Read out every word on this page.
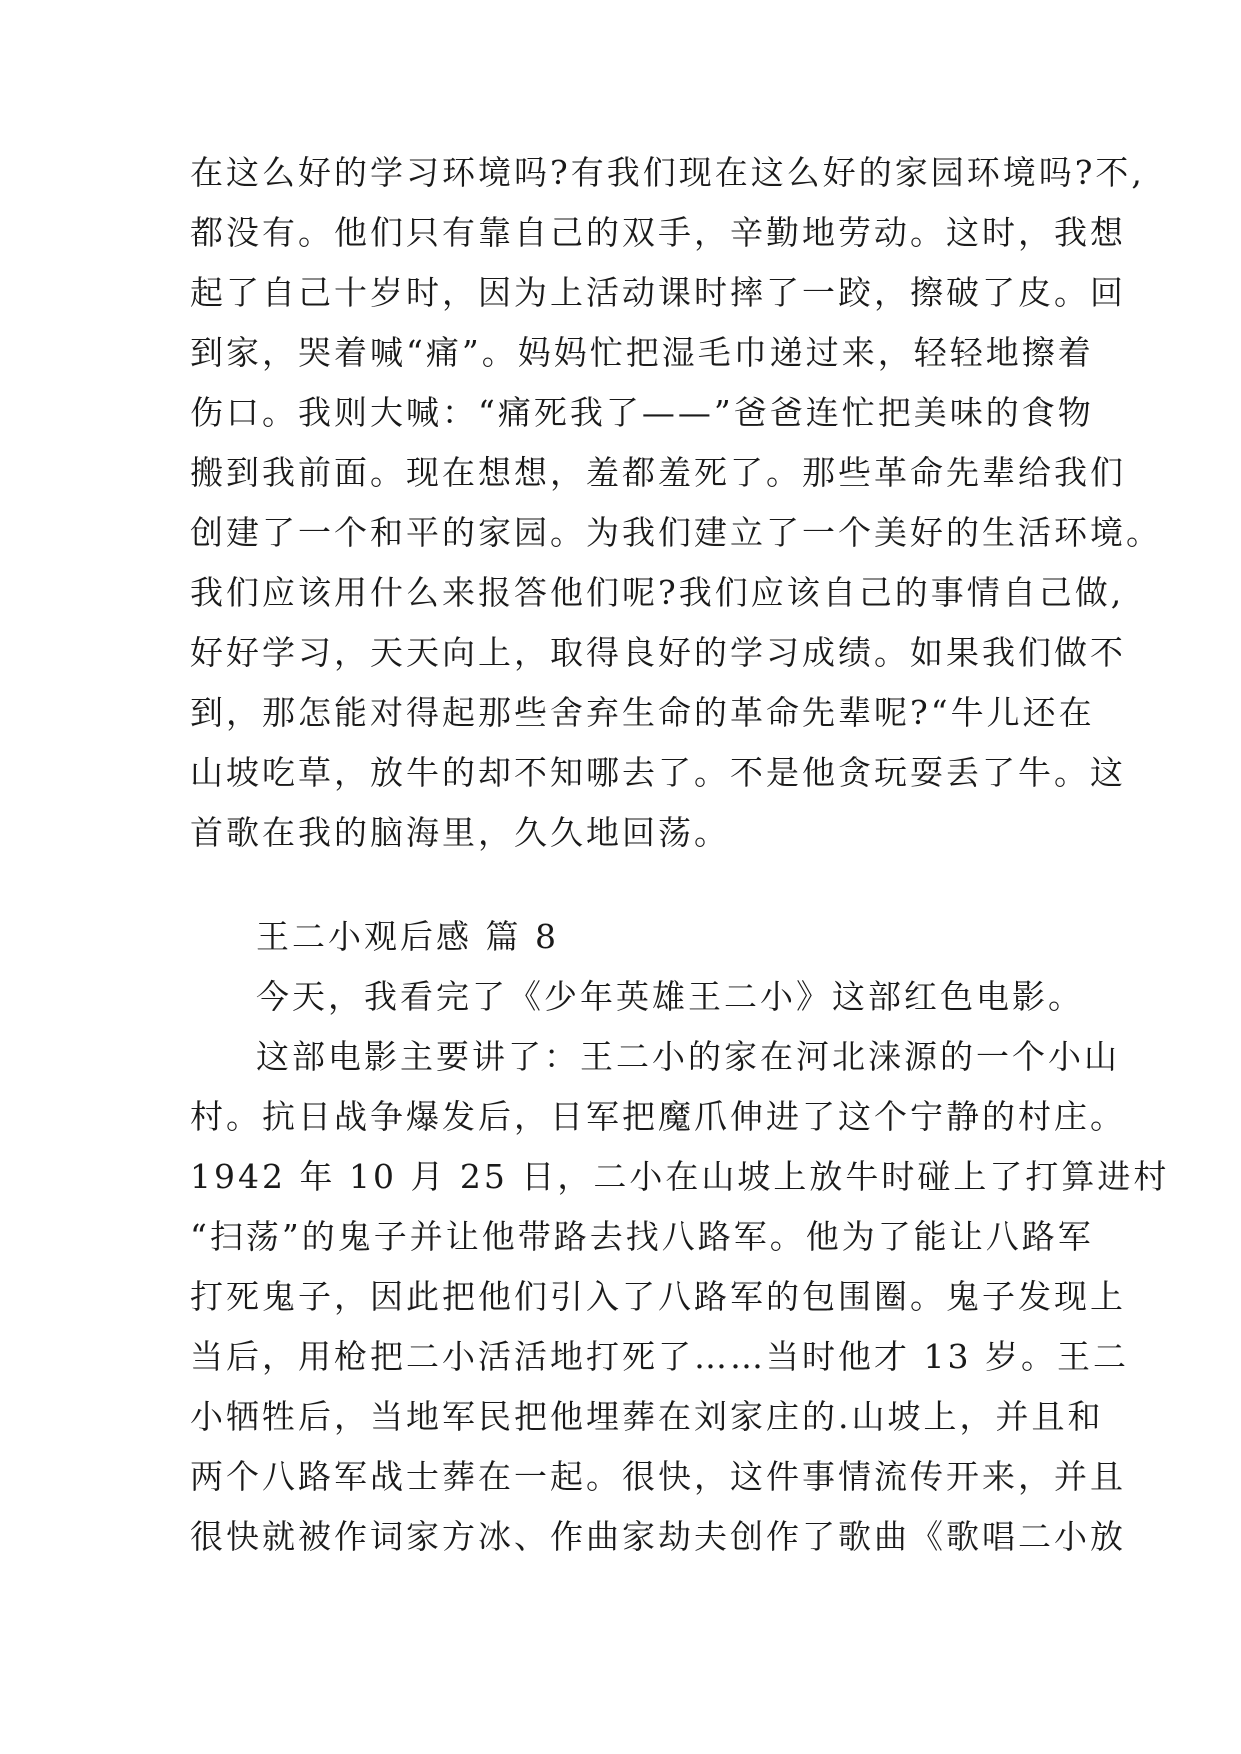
在这么好的学习环境吗?有我们现在这么好的家园环境吗?不,
都没有。他们只有靠自己的双手，辛勤地劳动。这时，我想
起了自己十岁时，因为上活动课时摔了一跤，擦破了皮。回
到家，哭着喊“痛”。妈妈忙把湿毛巾递过来，轻轻地擦着
伤口。我则大喊：“痛死我了——”爸爸连忙把美味的食物
搬到我前面。现在想想，羞都羞死了。那些革命先辈给我们
创建了一个和平的家园。为我们建立了一个美好的生活环境。
我们应该用什么来报答他们呢?我们应该自己的事情自己做,
好好学习，天天向上，取得良好的学习成绩。如果我们做不
到，那怎能对得起那些舍弃生命的革命先辈呢?“牛儿还在
山坡吃草，放牛的却不知哪去了。不是他贪玩耍丢了牛。这
首歌在我的脑海里，久久地回荡。
王二小观后感 篇 8
今天，我看完了《少年英雄王二小》这部红色电影。
这部电影主要讲了：王二小的家在河北涞源的一个小山
村。抗日战争爆发后，日军把魔爪伸进了这个宁静的村庄。
1942 年 10 月 25 日，二小在山坡上放牛时碰上了打算进村
“扫荡”的鬼子并让他带路去找八路军。他为了能让八路军
打死鬼子，因此把他们引入了八路军的包围圈。鬼子发现上
当后，用枪把二小活活地打死了……当时他才 13 岁。王二
小牺牲后，当地军民把他埋葬在刘家庄的.山坡上，并且和
两个八路军战士葬在一起。很快，这件事情流传开来，并且
很快就被作词家方冰、作曲家劫夫创作了歌曲《歌唱二小放
